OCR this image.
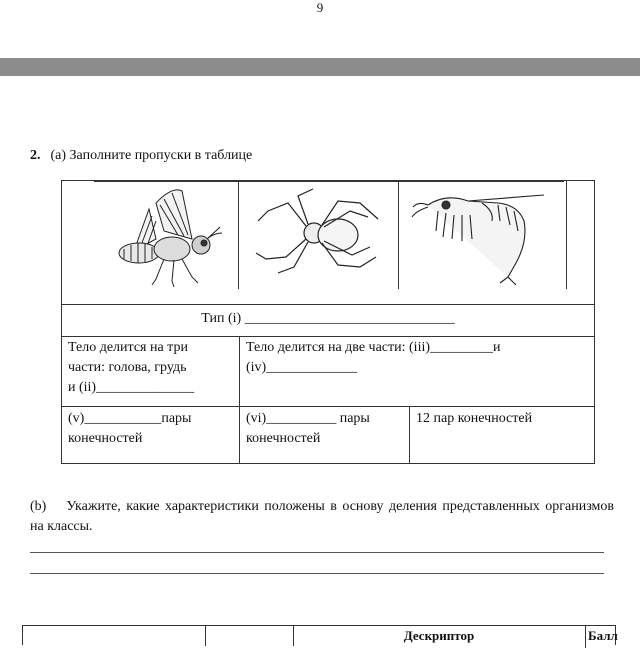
9
2. (a) Заполните пропуски в таблице
Тип (i) ______________________________
Тело делится на три
части: голова, грудь
и (ii)______________
Тело делится на две части: (iii)_________и
(iv)_____________
(v)___________пары
конечностей
(vi)__________ пары
конечностей
12 пар конечностей
(b) Укажите, какие характеристики положены в основу деления представленных организмов на классы.
Дескриптор	Балл
